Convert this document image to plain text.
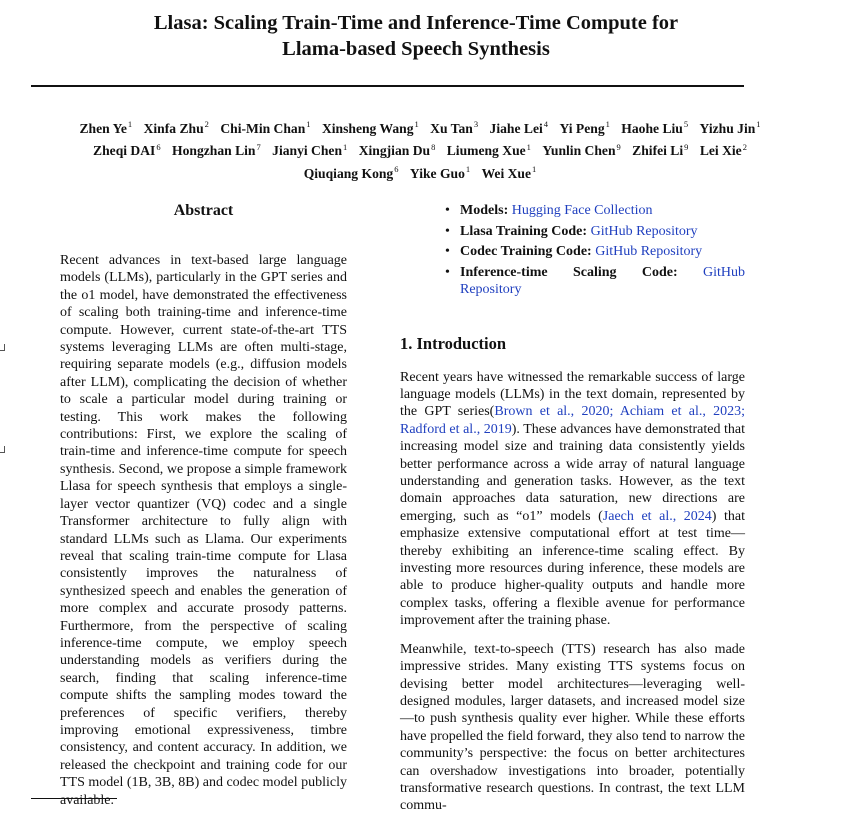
Llasa: Scaling Train-Time and Inference-Time Compute for
Llama-based Speech Synthesis
Zhen Ye$^1$ Xinfa Zhu$^2$ Chi-Min Chan$^1$ Xinsheng Wang$^1$ Xu Tan$^3$ Jiahe Lei$^4$ Yi Peng$^1$ Haohe Liu$^5$ Yizhu Jin$^1$ Zheqi DAI$^6$ Hongzhan Lin$^7$ Jianyi Chen$^1$ Xingjian Du$^8$ Liumeng Xue$^1$ Yunlin Chen$^9$ Zhifei Li$^9$ Lei Xie$^2$ Qiuqiang Kong$^6$ Yike Guo$^1$ Wei Xue$^1$
Abstract

Recent advances in text-based large language models (LLMs), particularly in the GPT series and the o1 model, have demonstrated the effectiveness of scaling both training-time and inference-time compute. However, current state-of-the-art TTS systems leveraging LLMs are often multi-stage, requiring separate models (e.g., diffusion models after LLM), complicating the decision of whether to scale a particular model during training or testing. This work makes the following contributions: First, we explore the scaling of train-time and inference-time compute for speech synthesis. Second, we propose a simple framework Llasa for speech synthesis that employs a single-layer vector quantizer (VQ) codec and a single Transformer architecture to fully align with standard LLMs such as Llama. Our experiments reveal that scaling train-time compute for Llasa consistently improves the naturalness of synthesized speech and enables the generation of more complex and accurate prosody patterns. Furthermore, from the perspective of scaling inference-time compute, we employ speech understanding models as verifiers during the search, finding that scaling inference-time compute shifts the sampling modes toward the preferences of specific verifiers, thereby improving emotional expressiveness, timbre consistency, and content accuracy. In addition, we released the checkpoint and training code for our TTS model (1B, 3B, 8B) and codec model publicly available.

• Models: Hugging Face Collection
• Llasa Training Code: GitHub Repository
• Codec Training Code: GitHub Repository
• Inference-time Scaling Code: GitHub Repository
1. Introduction

Recent years have witnessed the remarkable success of large language models (LLMs) in the text domain, represented by the GPT series(Brown et al., 2020; Achiam et al., 2023; Radford et al., 2019). These advances have demonstrated that increasing model size and training data consistently yields better performance across a wide array of natural language understanding and generation tasks. However, as the text domain approaches data saturation, new directions are emerging, such as “o1” models (Jaech et al., 2024) that emphasize extensive computational effort at test time—thereby exhibiting an inference-time scaling effect. By investing more resources during inference, these models are able to produce higher-quality outputs and handle more complex tasks, offering a flexible avenue for performance improvement after the training phase.

Meanwhile, text-to-speech (TTS) research has also made impressive strides. Many existing TTS systems focus on devising better model architectures—leveraging well-designed modules, larger datasets, and increased model size—to push synthesis quality ever higher. While these efforts have propelled the field forward, they also tend to narrow the community’s perspective: the focus on better architectures can overshadow investigations into broader, potentially transformative research questions. In contrast, the text LLM commu-
